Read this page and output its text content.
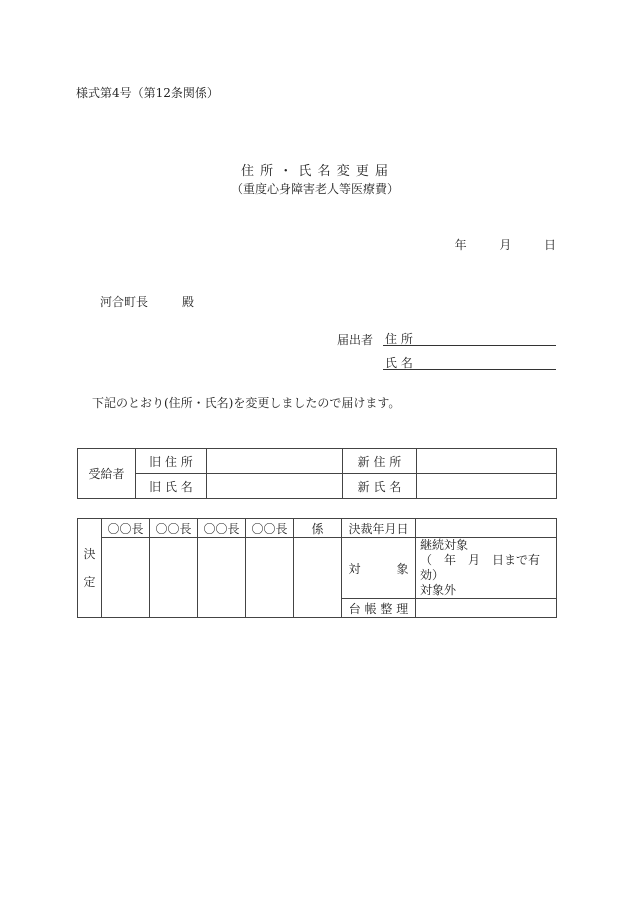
様式第4号（第12条関係）
住 所 ・ 氏 名 変 更 届
（重度心身障害老人等医療費）
年	月	日
河合町長	殿
届出者 住 所
氏 名
下記のとおり(住所・氏名)を変更しましたので届けます。
受給者	旧 住 所		新 住 所	
	旧 氏 名		新 氏 名	
決
定	〇〇長	〇〇長	〇〇長	〇〇長	係	決裁年月日	
						対　　　象	継続対象
（　年　月　日まで有効）
対象外

						台 帳 整 理	
